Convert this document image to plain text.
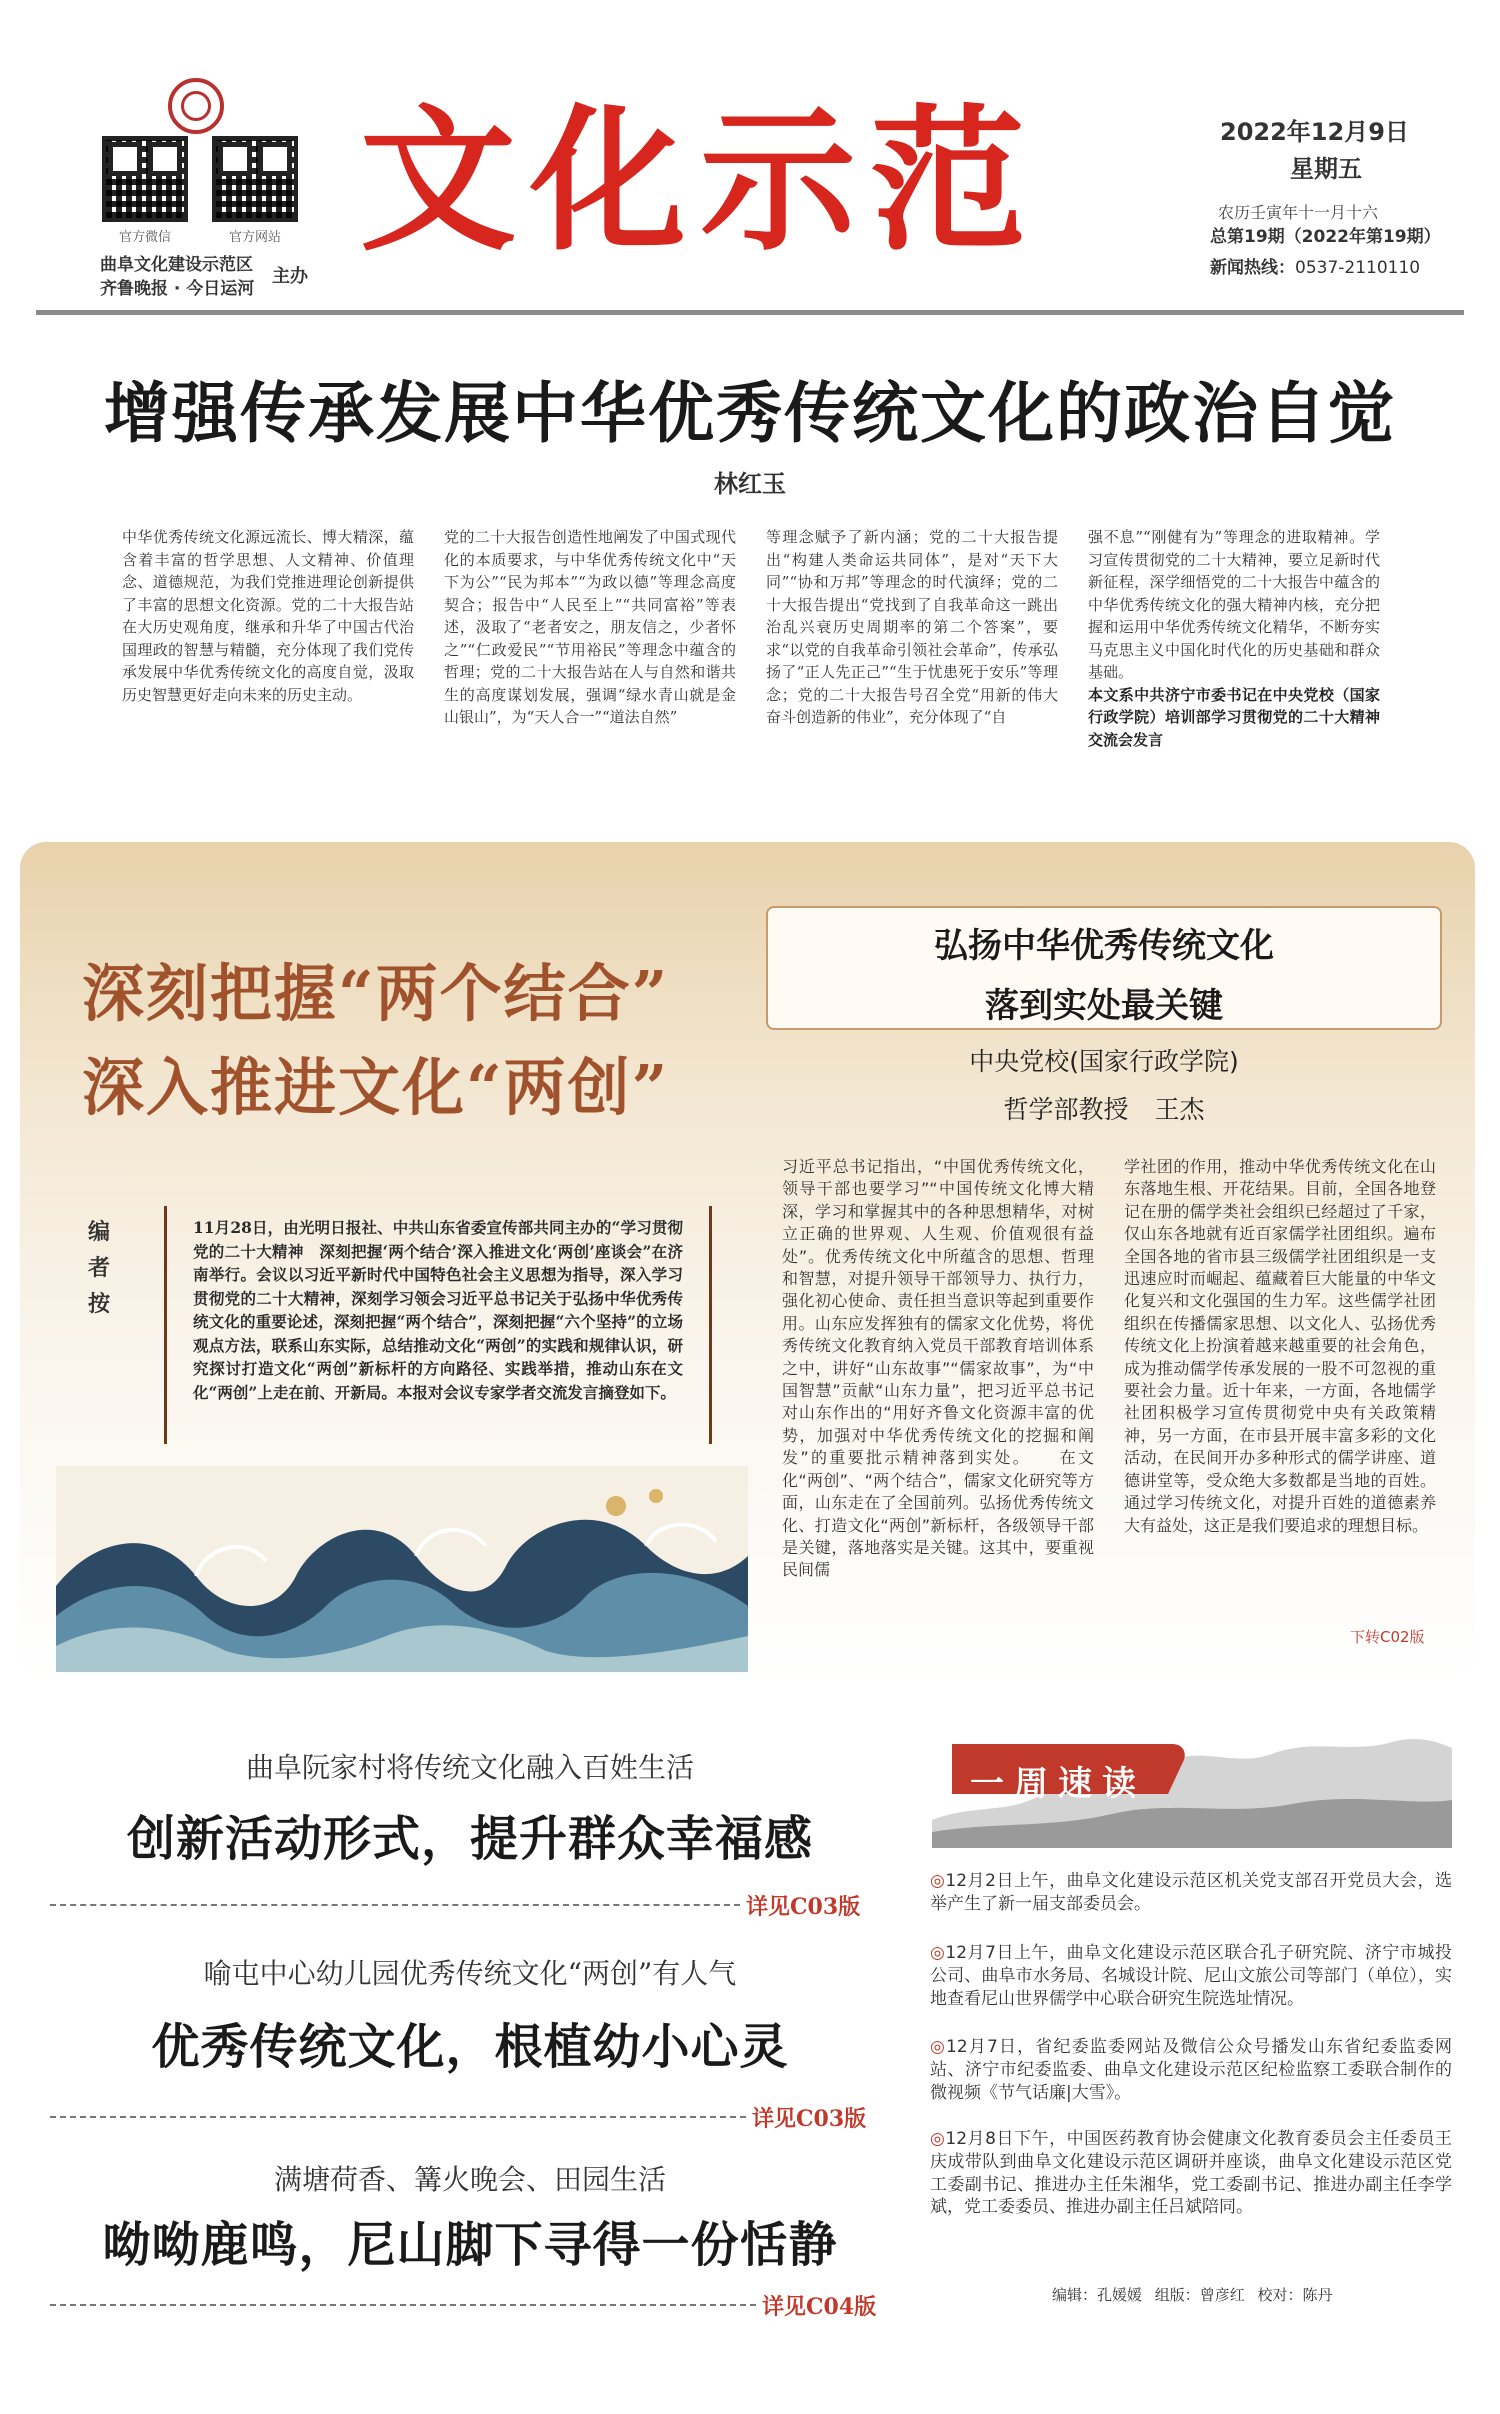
官方微信	官方网站
曲阜文化建设示范区
齐鲁晚报 · 今日运河
主办
文化示范	2022年12月9日
星期五
农历壬寅年十一月十六
总第19期（2022年第19期）
新闻热线：0537-2110110
增强传承发展中华优秀传统文化的政治自觉
林红玉
中华优秀传统文化源远流长、博大精深，蕴含着丰富的哲学思想、人文精神、价值理念、道德规范，为我们党推进理论创新提供了丰富的思想文化资源。党的二十大报告站在大历史观角度，继承和升华了中国古代治国理政的智慧与精髓，充分体现了我们党传承发展中华优秀传统文化的高度自觉，汲取历史智慧更好走向未来的历史主动。
党的二十大报告创造性地阐发了中国式现代化的本质要求，与中华优秀传统文化中“天下为公”“民为邦本”“为政以德”等理念高度契合；报告中“人民至上”“共同富裕”等表述，汲取了“老者安之，朋友信之，少者怀之”“仁政爱民”“节用裕民”等理念中蕴含的哲理；党的二十大报告站在人与自然和谐共生的高度谋划发展，强调“绿水青山就是金山银山”，为“天人合一”“道法自然”
等理念赋予了新内涵；党的二十大报告提出“构建人类命运共同体”，是对“天下大同”“协和万邦”等理念的时代演绎；党的二十大报告提出“党找到了自我革命这一跳出治乱兴衰历史周期率的第二个答案”，要求“以党的自我革命引领社会革命”，传承弘扬了“正人先正己”“生于忧患死于安乐”等理念；党的二十大报告号召全党“用新的伟大奋斗创造新的伟业”，充分体现了“自
强不息”“刚健有为”等理念的进取精神。学习宣传贯彻党的二十大精神，要立足新时代新征程，深学细悟党的二十大报告中蕴含的中华优秀传统文化的强大精神内核，充分把握和运用中华优秀传统文化精华，不断夯实马克思主义中国化时代化的历史基础和群众基础。
本文系中共济宁市委书记在中央党校（国家行政学院）培训部学习贯彻党的二十大精神交流会发言
深刻把握“两个结合”
深入推进文化“两创”
编
者
按
11月28日，由光明日报社、中共山东省委宣传部共同主办的“学习贯彻党的二十大精神　深刻把握‘两个结合’深入推进文化‘两创’座谈会”在济南举行。会议以习近平新时代中国特色社会主义思想为指导，深入学习贯彻党的二十大精神，深刻学习领会习近平总书记关于弘扬中华优秀传统文化的重要论述，深刻把握“两个结合”，深刻把握“六个坚持”的立场观点方法，联系山东实际，总结推动文化“两创”的实践和规律认识，研究探讨打造文化“两创”新标杆的方向路径、实践举措，推动山东在文化“两创”上走在前、开新局。本报对会议专家学者交流发言摘登如下。
弘扬中华优秀传统文化
落到实处最关键
中央党校(国家行政学院)
哲学部教授 王杰
习近平总书记指出，“中国优秀传统文化，领导干部也要学习”“中国传统文化博大精深，学习和掌握其中的各种思想精华，对树立正确的世界观、人生观、价值观很有益处”。优秀传统文化中所蕴含的思想、哲理和智慧，对提升领导干部领导力、执行力，强化初心使命、责任担当意识等起到重要作用。山东应发挥独有的儒家文化优势，将优秀传统文化教育纳入党员干部教育培训体系之中，讲好“山东故事”“儒家故事”，为“中国智慧”贡献“山东力量”，把习近平总书记对山东作出的“用好齐鲁文化资源丰富的优势，加强对中华优秀传统文化的挖掘和阐发”的重要批示精神落到实处。　　在文化“两创”、“两个结合”，儒家文化研究等方面，山东走在了全国前列。弘扬优秀传统文化、打造文化“两创”新标杆，各级领导干部是关键，落地落实是关键。这其中，要重视民间儒
学社团的作用，推动中华优秀传统文化在山东落地生根、开花结果。目前，全国各地登记在册的儒学类社会组织已经超过了千家，仅山东各地就有近百家儒学社团组织。遍布全国各地的省市县三级儒学社团组织是一支迅速应时而崛起、蕴藏着巨大能量的中华文化复兴和文化强国的生力军。这些儒学社团组织在传播儒家思想、以文化人、弘扬优秀传统文化上扮演着越来越重要的社会角色，成为推动儒学传承发展的一股不可忽视的重要社会力量。近十年来，一方面，各地儒学社团积极学习宣传贯彻党中央有关政策精神，另一方面，在市县开展丰富多彩的文化活动，在民间开办多种形式的儒学讲座、道德讲堂等，受众绝大多数都是当地的百姓。通过学习传统文化，对提升百姓的道德素养大有益处，这正是我们要追求的理想目标。
下转C02版
曲阜阮家村将传统文化融入百姓生活
创新活动形式，提升群众幸福感
详见C03版
喻屯中心幼儿园优秀传统文化“两创”有人气
优秀传统文化，根植幼小心灵
详见C03版
满塘荷香、篝火晚会、田园生活
呦呦鹿鸣，尼山脚下寻得一份恬静
详见C04版
一周速读
◎12月2日上午，曲阜文化建设示范区机关党支部召开党员大会，选举产生了新一届支部委员会。
◎12月7日上午，曲阜文化建设示范区联合孔子研究院、济宁市城投公司、曲阜市水务局、名城设计院、尼山文旅公司等部门（单位），实地查看尼山世界儒学中心联合研究生院选址情况。
◎12月7日，省纪委监委网站及微信公众号播发山东省纪委监委网站、济宁市纪委监委、曲阜文化建设示范区纪检监察工委联合制作的微视频《节气话廉|大雪》。
◎12月8日下午，中国医药教育协会健康文化教育委员会主任委员王庆成带队到曲阜文化建设示范区调研并座谈，曲阜文化建设示范区党工委副书记、推进办主任朱湘华，党工委副书记、推进办副主任李学斌，党工委委员、推进办副主任吕斌陪同。
编辑：孔媛媛 组版：曾彦红 校对：陈丹
